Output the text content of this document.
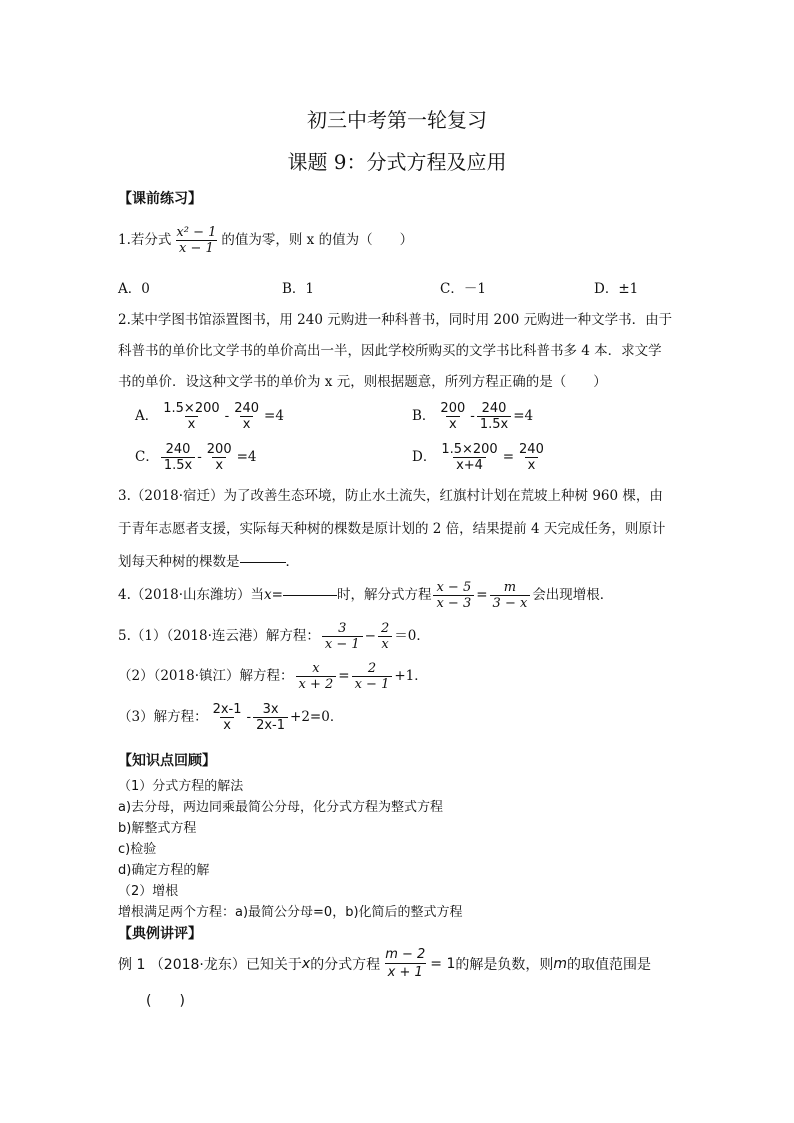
初三中考第一轮复习
课题 9：分式方程及应用
【课前练习】
1.若分式 $\frac{\text{x² − 1}}{x - 1}$ 的值为零，则 x 的值为（　　）
A．0	B．1	C．－1	D．±1
2.某中学图书馆添置图书，用 240 元购进一种科普书，同时用 200 元购进一种文学书．由于
科普书的单价比文学书的单价高出一半，因此学校所购买的文学书比科普书多 4 本．求文学
书的单价．设这种文学书的单价为 x 元，则根据题意，所列方程正确的是（　　）
A． $\frac{1.5\times 200}{x} - \frac{240}{x} =4$	B． $\frac{200}{x} - \frac{240}{1.5x} =4$
C． $\frac{240}{1.5x} - \frac{200}{x} =4$	D． $\frac{1.5\times 200}{x+4} = \frac{240}{x}$
3.（2018·宿迁）为了改善生态环境，防止水土流失，红旗村计划在荒坡上种树 960 棵，由
于青年志愿者支援，实际每天种树的棵数是原计划的 2 倍，结果提前 4 天完成任务，则原计
划每天种树的棵数是	．
4.（2018·山东潍坊）当 x=	时，解分式方程 $\frac{x - 5}{x - 3} = \frac{m}{3 - x}$ 会出现增根．
5.（1）（2018·连云港）解方程： $\frac{3}{x - 1} - \frac{2}{x} =0$．
（2）（2018·镇江）解方程： $\frac{x}{x + 2} = \frac{2}{x - 1} +1$．
（3）解方程： $\frac{2x-1}{x} - \frac{3x}{2x-1} +2=0$．
【知识点回顾】
（1）分式方程的解法
a)去分母，两边同乘最简公分母，化分式方程为整式方程
b)解整式方程
c)检验
d)确定方程的解
（2）增根
增根满足两个方程：a)最简公分母=0，b)化简后的整式方程
【典例讲评】
例 1 （2018·龙东）已知关于 x 的分式方程 $\frac{m - 2}{x + 1} = 1$ 的解是负数，则 m 的取值范围是
(　　)
